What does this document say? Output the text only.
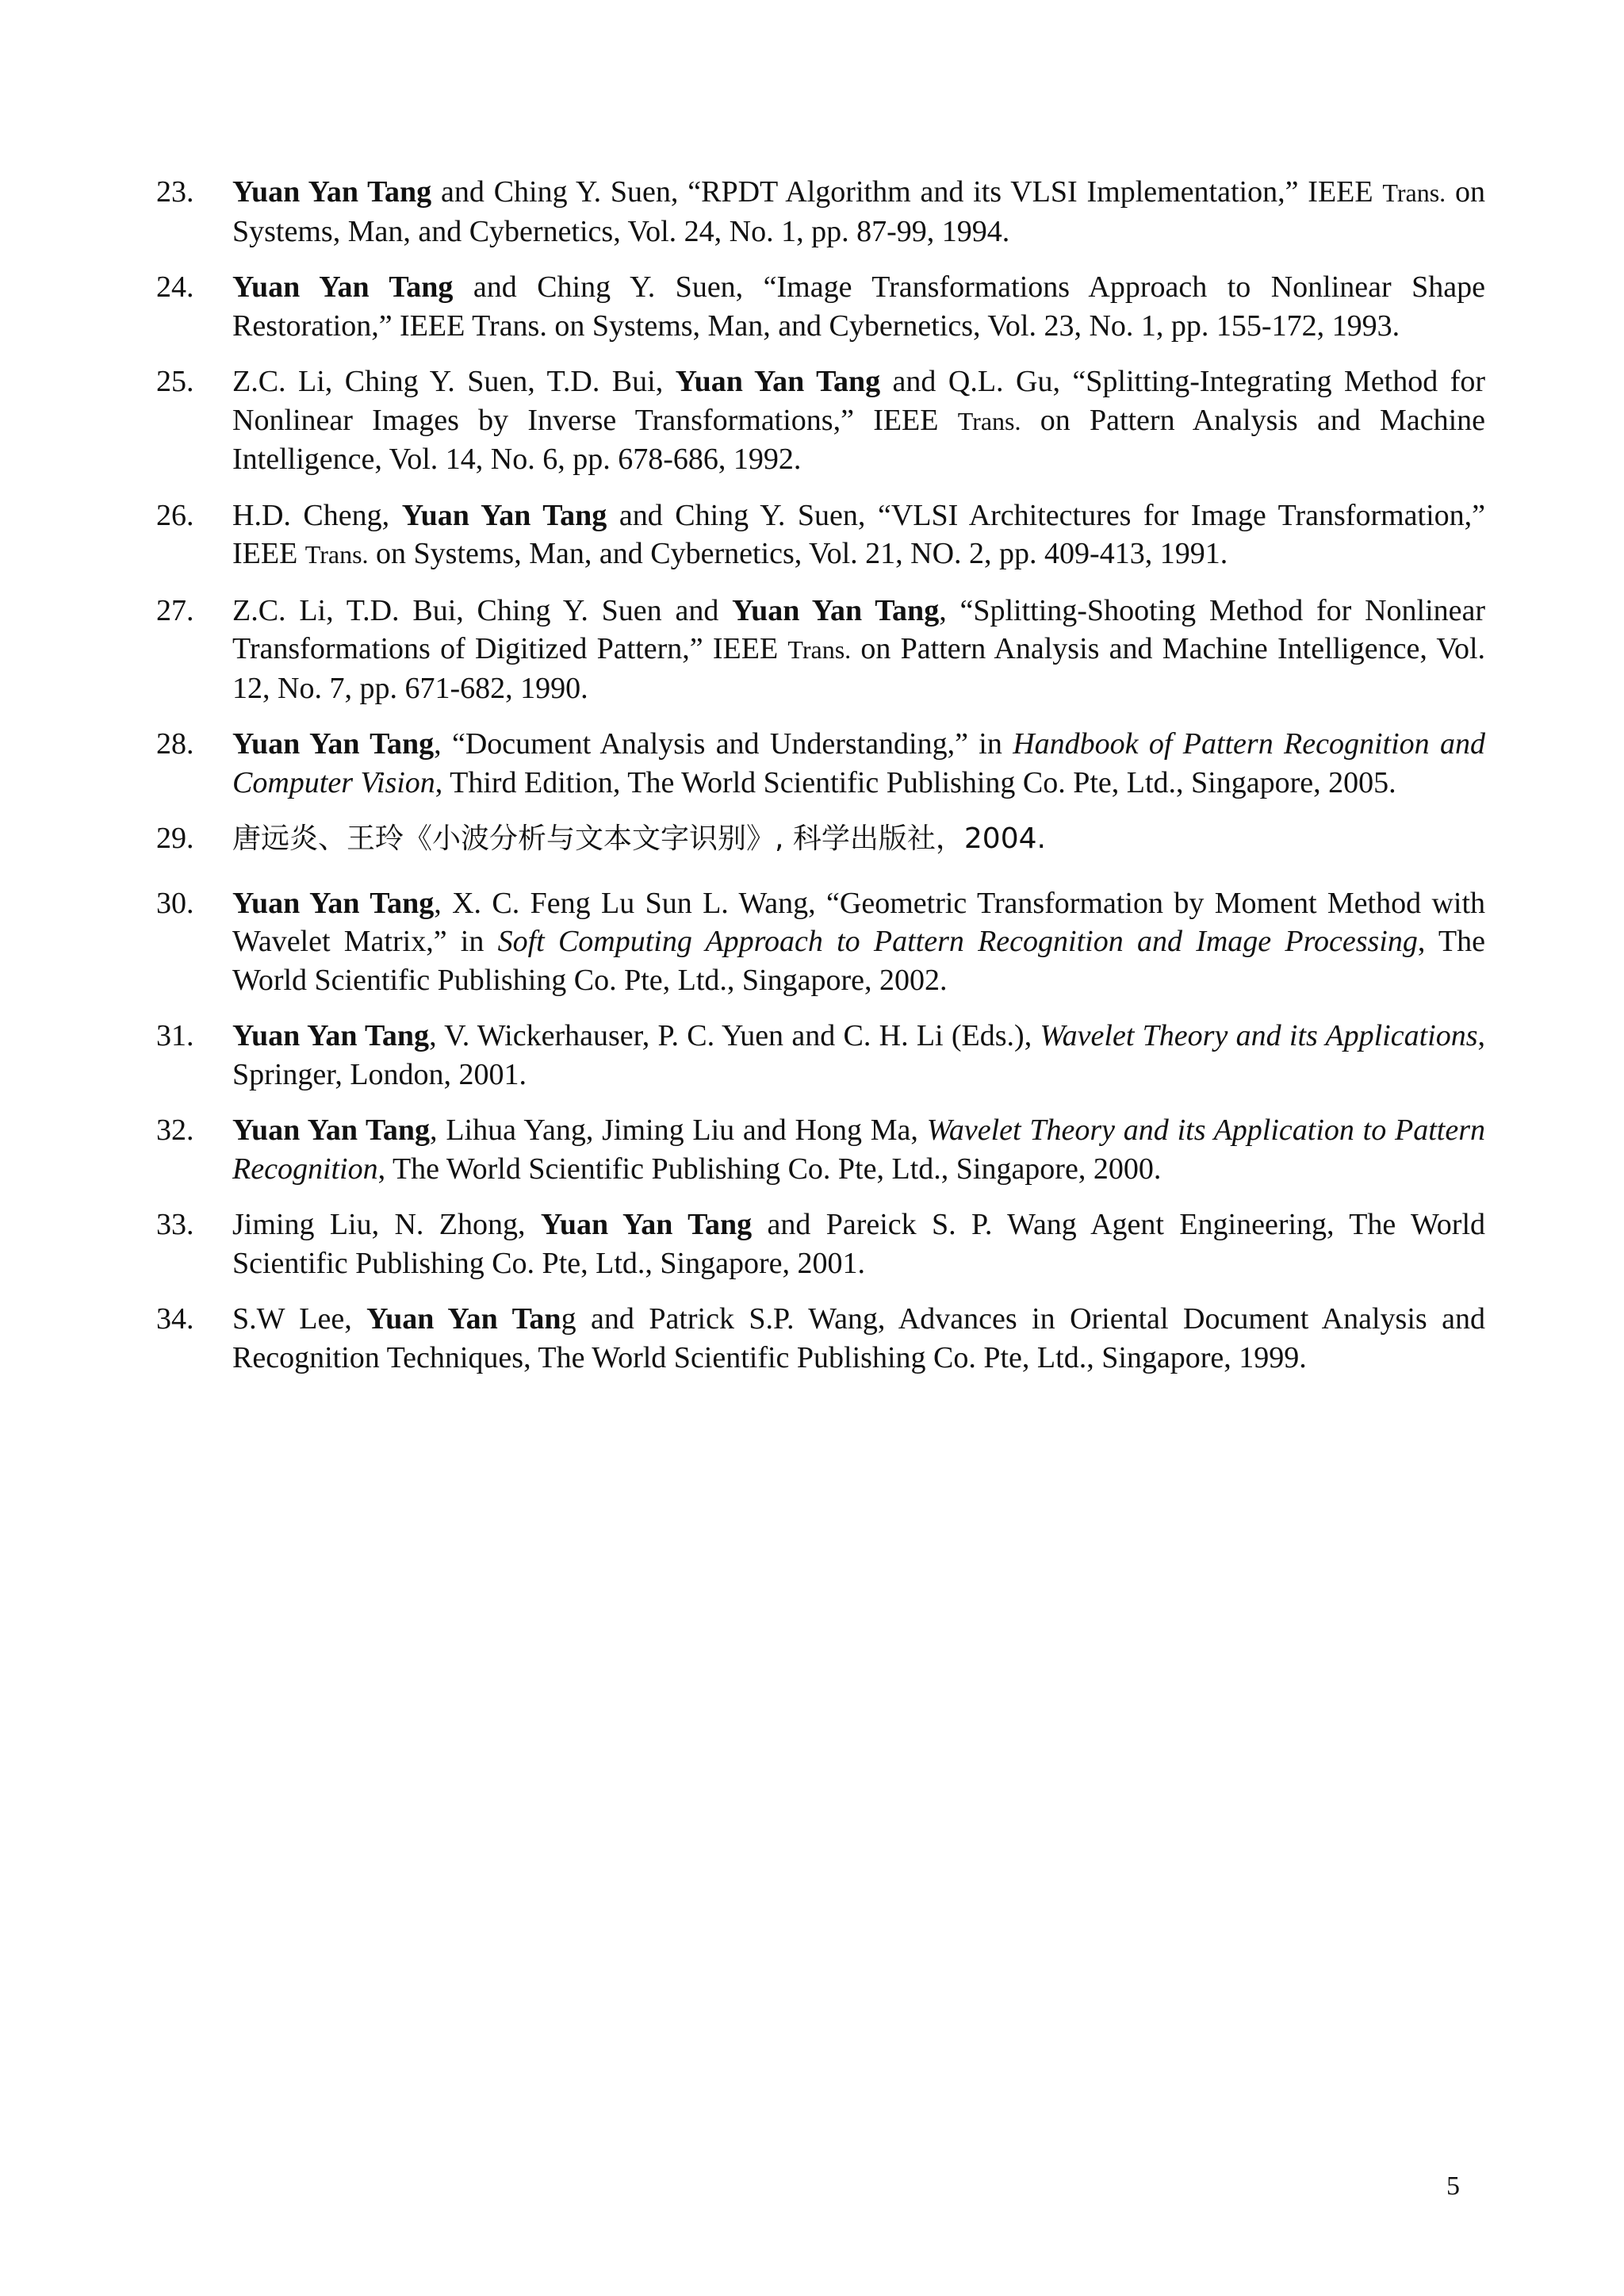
23.	Yuan Yan Tang and Ching Y. Suen, “RPDT Algorithm and its VLSI Implementation,” IEEE Trans. on Systems, Man, and Cybernetics, Vol. 24, No. 1, pp. 87-99, 1994.
24.	Yuan Yan Tang and Ching Y. Suen, “Image Transformations Approach to Nonlinear Shape Restoration,” IEEE Trans. on Systems, Man, and Cybernetics, Vol. 23, No. 1, pp. 155-172, 1993.
25.	Z.C. Li, Ching Y. Suen, T.D. Bui, Yuan Yan Tang and Q.L. Gu, “Splitting-Integrating Method for Nonlinear Images by Inverse Transformations,” IEEE Trans. on Pattern Analysis and Machine Intelligence, Vol. 14, No. 6, pp. 678-686, 1992.
26.	H.D. Cheng, Yuan Yan Tang and Ching Y. Suen, “VLSI Architectures for Image Transformation,” IEEE Trans. on Systems, Man, and Cybernetics, Vol. 21, NO. 2, pp. 409-413, 1991.
27.	Z.C. Li, T.D. Bui, Ching Y. Suen and Yuan Yan Tang, “Splitting-Shooting Method for Nonlinear Transformations of Digitized Pattern,” IEEE Trans. on Pattern Analysis and Machine Intelligence, Vol. 12, No. 7, pp. 671-682, 1990.
28.	Yuan Yan Tang, “Document Analysis and Understanding,” in Handbook of Pattern Recognition and Computer Vision, Third Edition, The World Scientific Publishing Co. Pte, Ltd., Singapore, 2005.
29.	唐远炎、王玲《小波分析与文本文字识别》, 科学出版社，2004.
30.	Yuan Yan Tang, X. C. Feng Lu Sun L. Wang, “Geometric Transformation by Moment Method with Wavelet Matrix,” in Soft Computing Approach to Pattern Recognition and Image Processing, The World Scientific Publishing Co. Pte, Ltd., Singapore, 2002.
31.	Yuan Yan Tang, V. Wickerhauser, P. C. Yuen and C. H. Li (Eds.), Wavelet Theory and its Applications, Springer, London, 2001.
32.	Yuan Yan Tang, Lihua Yang, Jiming Liu and Hong Ma, Wavelet Theory and its Application to Pattern Recognition, The World Scientific Publishing Co. Pte, Ltd., Singapore, 2000.
33.	Jiming Liu, N. Zhong, Yuan Yan Tang and Pareick S. P. Wang Agent Engineering, The World Scientific Publishing Co. Pte, Ltd., Singapore, 2001.
34.	S.W Lee, Yuan Yan Tang and Patrick S.P. Wang, Advances in Oriental Document Analysis and Recognition Techniques, The World Scientific Publishing Co. Pte, Ltd., Singapore, 1999.
5
